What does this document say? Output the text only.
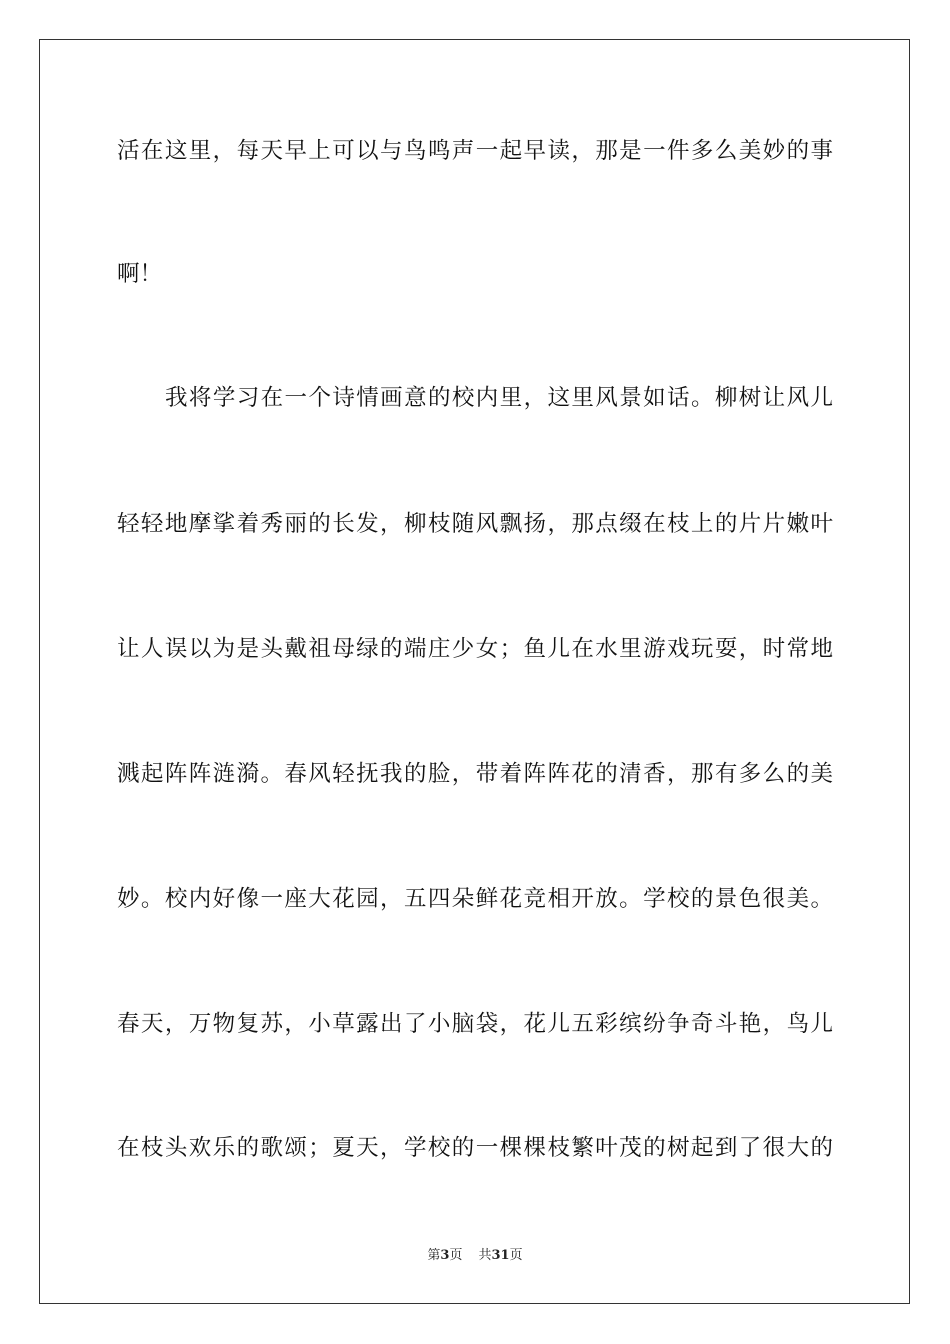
活在这里，每天早上可以与鸟鸣声一起早读，那是一件多么美妙的事
啊！
我将学习在一个诗情画意的校内里，这里风景如话。柳树让风儿
轻轻地摩挲着秀丽的长发，柳枝随风飘扬，那点缀在枝上的片片嫩叶
让人误以为是头戴祖母绿的端庄少女；鱼儿在水里游戏玩耍，时常地
溅起阵阵涟漪。春风轻抚我的脸，带着阵阵花的清香，那有多么的美
妙。校内好像一座大花园，五四朵鲜花竞相开放。学校的景色很美。
春天，万物复苏，小草露出了小脑袋，花儿五彩缤纷争奇斗艳，鸟儿
在枝头欢乐的歌颂；夏天，学校的一棵棵枝繁叶茂的树起到了很大的
第3页 共31页
